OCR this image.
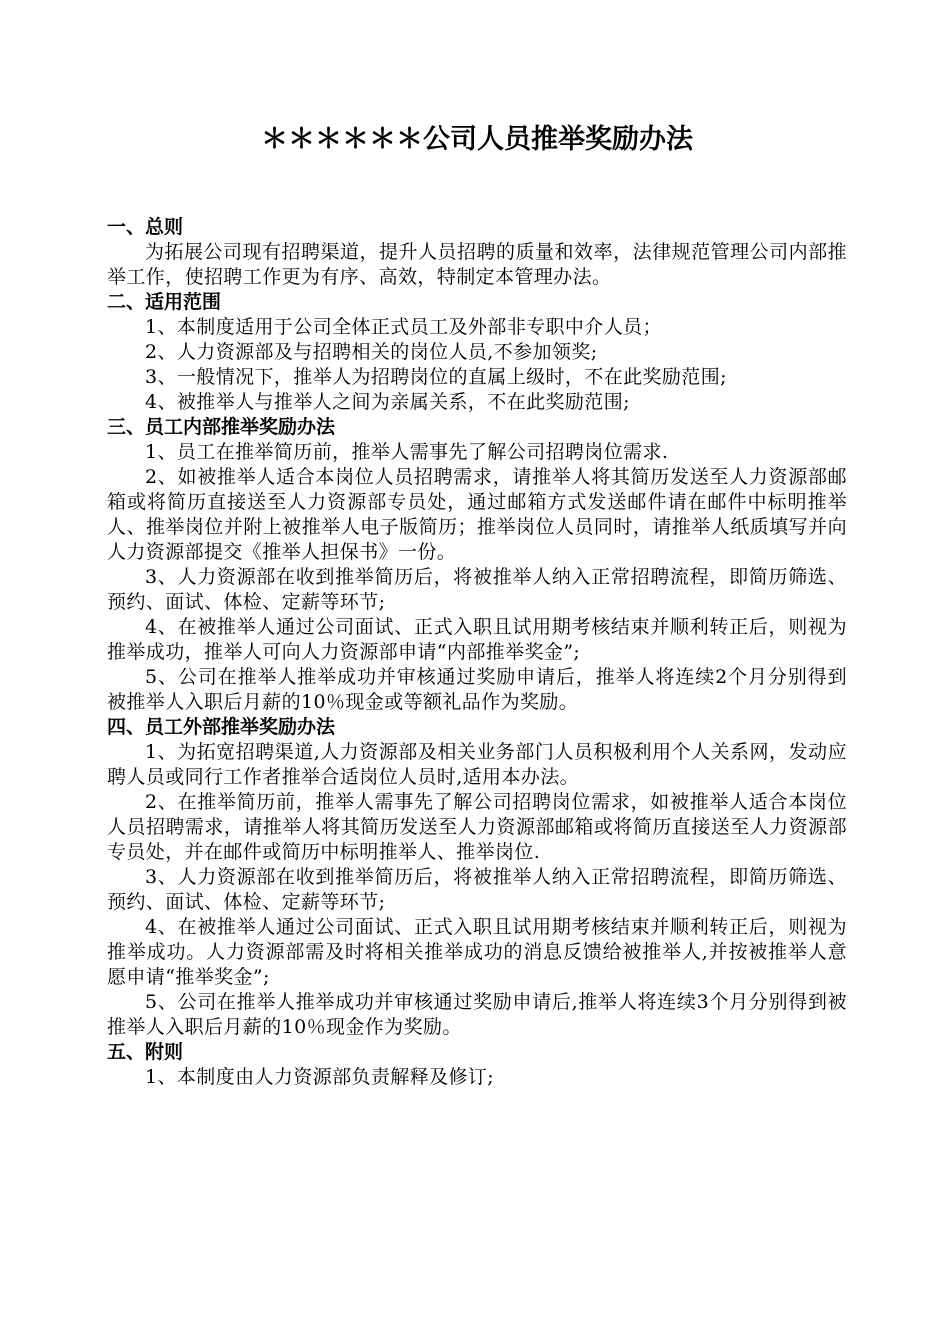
＊＊＊＊＊＊公司人员推举奖励办法
一、总则

为拓展公司现有招聘渠道，提升人员招聘的质量和效率，法律规范管理公司内部推举工作，使招聘工作更为有序、高效，特制定本管理办法。

二、适用范围

1、本制度适用于公司全体正式员工及外部非专职中介人员；

2、人力资源部及与招聘相关的岗位人员,不参加领奖;

3、一般情况下，推举人为招聘岗位的直属上级时，不在此奖励范围;

4、被推举人与推举人之间为亲属关系，不在此奖励范围;

三、员工内部推举奖励办法

1、员工在推举简历前，推举人需事先了解公司招聘岗位需求.

2、如被推举人适合本岗位人员招聘需求，请推举人将其简历发送至人力资源部邮箱或将简历直接送至人力资源部专员处，通过邮箱方式发送邮件请在邮件中标明推举人、推举岗位并附上被推举人电子版简历；推举岗位人员同时，请推举人纸质填写并向人力资源部提交《推举人担保书》一份。

3、人力资源部在收到推举简历后，将被推举人纳入正常招聘流程，即简历筛选、预约、面试、体检、定薪等环节;

4、在被推举人通过公司面试、正式入职且试用期考核结束并顺利转正后，则视为推举成功，推举人可向人力资源部申请“内部推举奖金”;

5、公司在推举人推举成功并审核通过奖励申请后，推举人将连续2个月分别得到被推举人入职后月薪的10％现金或等额礼品作为奖励。

四、员工外部推举奖励办法

1、为拓宽招聘渠道,人力资源部及相关业务部门人员积极利用个人关系网，发动应聘人员或同行工作者推举合适岗位人员时,适用本办法。

2、在推举简历前，推举人需事先了解公司招聘岗位需求，如被推举人适合本岗位人员招聘需求，请推举人将其简历发送至人力资源部邮箱或将简历直接送至人力资源部专员处，并在邮件或简历中标明推举人、推举岗位.

3、人力资源部在收到推举简历后，将被推举人纳入正常招聘流程，即简历筛选、预约、面试、体检、定薪等环节;

4、在被推举人通过公司面试、正式入职且试用期考核结束并顺利转正后，则视为推举成功。人力资源部需及时将相关推举成功的消息反馈给被推举人,并按被推举人意愿申请“推举奖金”;

5、公司在推举人推举成功并审核通过奖励申请后,推举人将连续3个月分别得到被推举人入职后月薪的10％现金作为奖励。

五、附则

1、本制度由人力资源部负责解释及修订;
